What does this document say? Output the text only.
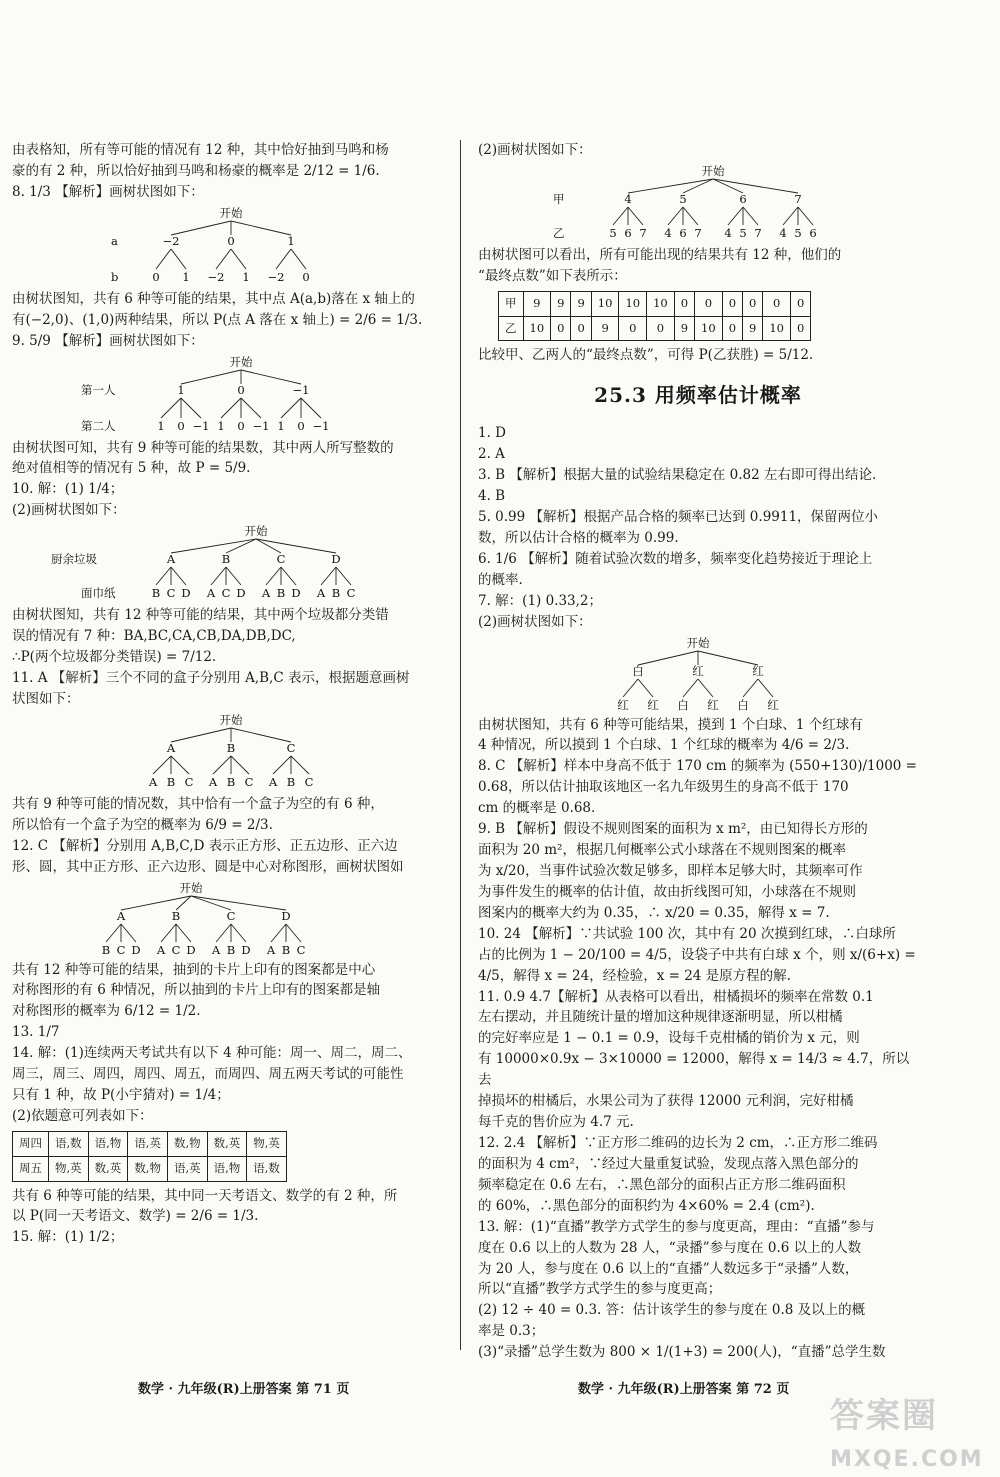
由表格知，所有等可能的情况有 12 种，其中恰好抽到马鸣和杨

豪的有 2 种，所以恰好抽到马鸣和杨豪的概率是 2/12 = 1/6.

8. 1/3 【解析】画树状图如下：

开始
a
b
−2	0	1
0 1 −2 1 −2 0

由树状图知，共有 6 种等可能的结果，其中点 A(a,b)落在 x 轴上的

有(−2,0)、(1,0)两种结果，所以 P(点 A 落在 x 轴上) = 2/6 = 1/3.

9. 5/9 【解析】画树状图如下：

开始
第一人
第二人
1	0	−1
1 0 −1 1 0 −1 1 0 −1

由树状图可知，共有 9 种等可能的结果数，其中两人所写整数的

绝对值相等的情况有 5 种，故 P = 5/9.

10. 解：(1) 1/4；

(2)画树状图如下：

开始
厨余垃圾
面巾纸
A	B	C	D
B C D A C D A B D A B C

由树状图知，共有 12 种等可能的结果，其中两个垃圾都分类错

误的情况有 7 种：BA,BC,CA,CB,DA,DB,DC,

∴P(两个垃圾都分类错误) = 7/12.

11. A 【解析】三个不同的盒子分别用 A,B,C 表示，根据题意画树

状图如下：

开始
A	B	C
A B C A B C A B C

共有 9 种等可能的情况数，其中恰有一个盒子为空的有 6 种，

所以恰有一个盒子为空的概率为 6/9 = 2/3.

12. C 【解析】分别用 A,B,C,D 表示正方形、正五边形、正六边

形、圆，其中正方形、正六边形、圆是中心对称图形，画树状图如

开始
A	B	C	D
B C D A C D A B D A B C

共有 12 种等可能的结果，抽到的卡片上印有的图案都是中心

对称图形的有 6 种情况，所以抽到的卡片上印有的图案都是轴

对称图形的概率为 6/12 = 1/2.

13. 1/7

14. 解：(1)连续两天考试共有以下 4 种可能：周一、周二，周二、

周三，周三、周四，周四、周五，而周四、周五两天考试的可能性

只有 1 种，故 P(小宇猜对) = 1/4；

(2)依题意可列表如下：

周四	语,数	语,物	语,英	数,物	数,英	物,英
周五	物,英	数,英	数,物	语,英	语,物	语,数

共有 6 种等可能的结果，其中同一天考语文、数学的有 2 种，所

以 P(同一天考语文、数学) = 2/6 = 1/3.

15. 解：(1) 1/2；

(2)画树状图如下：

开始
甲
乙
4	5	6	7
5 6 7 4 6 7 4 5 7 4 5 6

由树状图可以看出，所有可能出现的结果共有 12 种，他们的

“最终点数”如下表所示：

甲	9	9	9	10	10	10	0	0	0	0	0	0
乙	10	0	0	9	0	0	9	10	0	9	10	0

比较甲、乙两人的“最终点数”，可得 P(乙获胜) = 5/12.

25.3 用频率估计概率

1. D

2. A

3. B 【解析】根据大量的试验结果稳定在 0.82 左右即可得出结论.

4. B

5. 0.99 【解析】根据产品合格的频率已达到 0.9911，保留两位小

数，所以估计合格的概率为 0.99.

6. 1/6 【解析】随着试验次数的增多，频率变化趋势接近于理论上

的概率.

7. 解：(1) 0.33,2；

(2)画树状图如下：

开始
白	红	红
红 红 白 红 白 红

由树状图知，共有 6 种等可能结果，摸到 1 个白球、1 个红球有

4 种情况，所以摸到 1 个白球、1 个红球的概率为 4/6 = 2/3.

8. C 【解析】样本中身高不低于 170 cm 的频率为 (550+130)/1000 =

0.68，所以估计抽取该地区一名九年级男生的身高不低于 170

cm 的概率是 0.68.

9. B 【解析】假设不规则图案的面积为 x m²，由已知得长方形的

面积为 20 m²，根据几何概率公式小球落在不规则图案的概率

为 x/20，当事件试验次数足够多，即样本足够大时，其频率可作

为事件发生的概率的估计值，故由折线图可知，小球落在不规则

图案内的概率大约为 0.35，∴ x/20 = 0.35，解得 x = 7.

10. 24 【解析】∵共试验 100 次，其中有 20 次摸到红球，∴白球所

占的比例为 1 − 20/100 = 4/5，设袋子中共有白球 x 个，则 x/(6+x) =

4/5，解得 x = 24，经检验，x = 24 是原方程的解.

11. 0.9 4.7【解析】从表格可以看出，柑橘损坏的频率在常数 0.1

左右摆动，并且随统计量的增加这种规律逐渐明显，所以柑橘

的完好率应是 1 − 0.1 = 0.9，设每千克柑橘的销价为 x 元，则

有 10000×0.9x − 3×10000 = 12000，解得 x = 14/3 ≈ 4.7，所以去

掉损坏的柑橘后，水果公司为了获得 12000 元利润，完好柑橘

每千克的售价应为 4.7 元.

12. 2.4 【解析】∵正方形二维码的边长为 2 cm，∴正方形二维码

的面积为 4 cm²，∵经过大量重复试验，发现点落入黑色部分的

频率稳定在 0.6 左右，∴黑色部分的面积占正方形二维码面积

的 60%，∴黑色部分的面积约为 4×60% = 2.4 (cm²).

13. 解：(1)“直播”教学方式学生的参与度更高，理由：“直播”参与

度在 0.6 以上的人数为 28 人，“录播”参与度在 0.6 以上的人数

为 20 人，参与度在 0.6 以上的“直播”人数远多于“录播”人数，

所以“直播”教学方式学生的参与度更高；

(2) 12 ÷ 40 = 0.3. 答：估计该学生的参与度在 0.8 及以上的概

率是 0.3；

(3)“录播”总学生数为 800 × 1/(1+3) = 200(人)，“直播”总学生数

数学 · 九年级(R)上册答案 第 71 页	数学 · 九年级(R)上册答案 第 72 页
答案圈
MXQE.COM
